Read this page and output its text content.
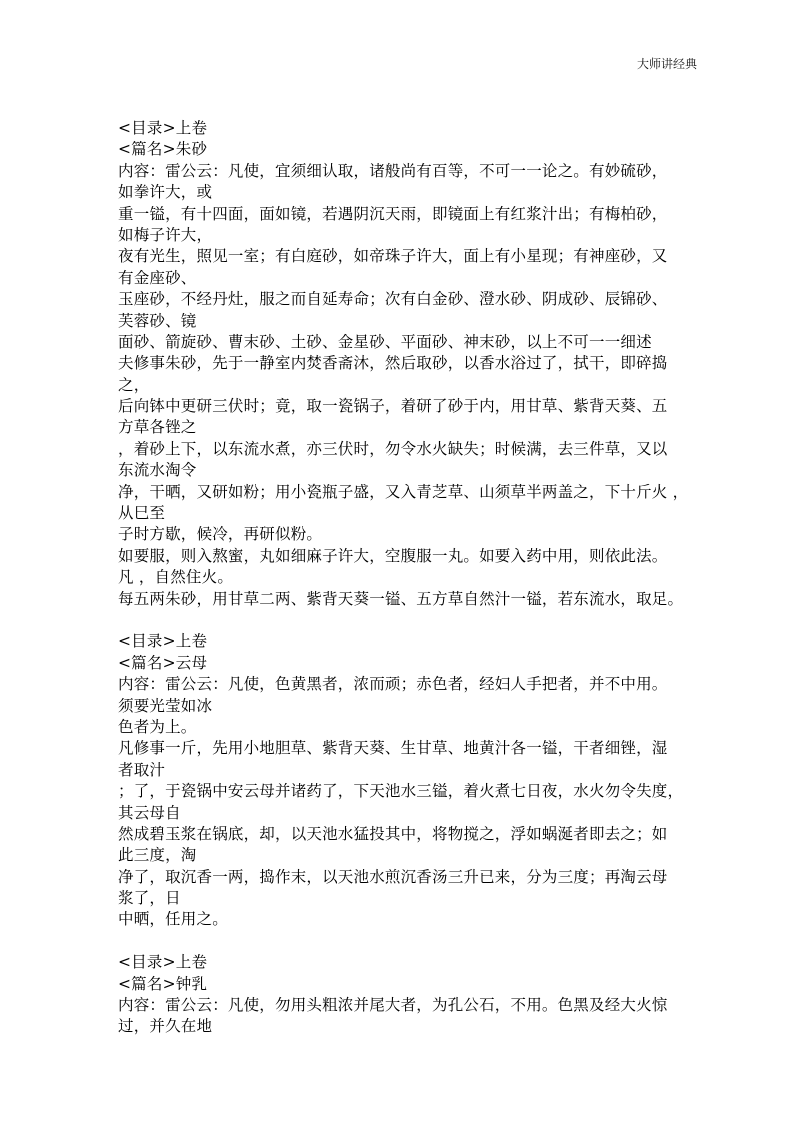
大师讲经典
<目录>上卷
<篇名>朱砂
内容：雷公云：凡使，宜须细认取，诸般尚有百等，不可一一论之。有妙硫砂，
如拳许大，或
重一镒，有十四面，面如镜，若遇阴沉天雨，即镜面上有红浆汁出；有梅柏砂，
如梅子许大，
夜有光生，照见一室；有白庭砂，如帝珠子许大，面上有小星现；有神座砂，又
有金座砂、
玉座砂，不经丹灶，服之而自延寿命；次有白金砂、澄水砂、阴成砂、辰锦砂、
芙蓉砂、镜
面砂、箭旋砂、曹末砂、土砂、金星砂、平面砂、神末砂，以上不可一一细述
夫修事朱砂，先于一静室内焚香斋沐，然后取砂，以香水浴过了，拭干，即碎捣
之，
后向钵中更研三伏时；竟，取一瓷锅子，着研了砂于内，用甘草、紫背天葵、五
方草各锉之
，着砂上下，以东流水煮，亦三伏时，勿令水火缺失；时候满，去三件草，又以
东流水淘令
净，干晒，又研如粉；用小瓷瓶子盛，又入青芝草、山须草半两盖之，下十斤火 ，
从巳至
子时方歇，候冷，再研似粉。
如要服，则入熬蜜，丸如细麻子许大，空腹服一丸。如要入药中用，则依此法。
凡 ，自然住火。
每五两朱砂，用甘草二两、紫背天葵一镒、五方草自然汁一镒，若东流水，取足。
<目录>上卷
<篇名>云母
内容：雷公云：凡使，色黄黑者，浓而顽；赤色者，经妇人手把者，并不中用。
须要光莹如冰
色者为上。
凡修事一斤，先用小地胆草、紫背天葵、生甘草、地黄汁各一镒，干者细锉，湿
者取汁
；了，于瓷锅中安云母并诸药了，下天池水三镒，着火煮七日夜，水火勿令失度，
其云母自
然成碧玉浆在锅底，却，以天池水猛投其中，将物搅之，浮如蜗涎者即去之；如
此三度，淘
净了，取沉香一两，捣作末，以天池水煎沉香汤三升已来，分为三度；再淘云母
浆了，日
中晒，任用之。
<目录>上卷
<篇名>钟乳
内容：雷公云：凡使，勿用头粗浓并尾大者，为孔公石，不用。色黑及经大火惊
过，并久在地
